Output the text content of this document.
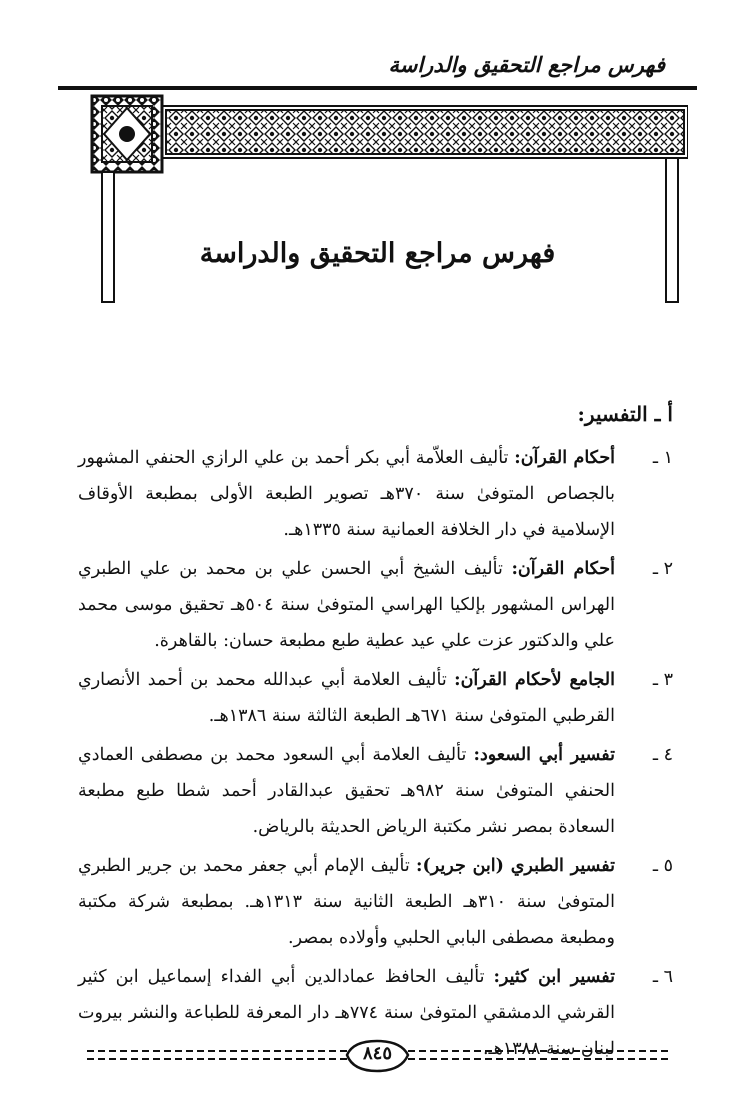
فهرس مراجع التحقيق والدراسة
فهرس مراجع التحقيق والدراسة
أ ـ التفسير:
١ ـ
أحكام القرآن: تأليف العلاّمة أبي بكر أحمد بن علي الرازي الحنفي المشهور بالجصاص المتوفىٰ سنة ٣٧٠هـ تصوير الطبعة الأولى بمطبعة الأوقاف الإسلامية في دار الخلافة العمانية سنة ١٣٣٥هـ.
٢ ـ
أحكام القرآن: تأليف الشيخ أبي الحسن علي بن محمد بن علي الطبري الهراس المشهور بإلكيا الهراسي المتوفىٰ سنة ٥٠٤هـ تحقيق موسى محمد علي والدكتور عزت علي عيد عطية طبع مطبعة حسان: بالقاهرة.
٣ ـ
الجامع لأحكام القرآن: تأليف العلامة أبي عبدالله محمد بن أحمد الأنصاري القرطبي المتوفىٰ سنة ٦٧١هـ الطبعة الثالثة سنة ١٣٨٦هـ.
٤ ـ
تفسير أبي السعود: تأليف العلامة أبي السعود محمد بن مصطفى العمادي الحنفي المتوفىٰ سنة ٩٨٢هـ تحقيق عبدالقادر أحمد شطا طبع مطبعة السعادة بمصر نشر مكتبة الرياض الحديثة بالرياض.
٥ ـ
تفسير الطبري (ابن جرير): تأليف الإمام أبي جعفر محمد بن جرير الطبري المتوفىٰ سنة ٣١٠هـ الطبعة الثانية سنة ١٣١٣هـ. بمطبعة شركة مكتبة ومطبعة مصطفى البابي الحلبي وأولاده بمصر.
٦ ـ
تفسير ابن كثير: تأليف الحافظ عمادالدين أبي الفداء إسماعيل ابن كثير القرشي الدمشقي المتوفىٰ سنة ٧٧٤هـ دار المعرفة للطباعة والنشر بيروت لبنان سنة ١٣٨٨هـ.
٨٤٥
